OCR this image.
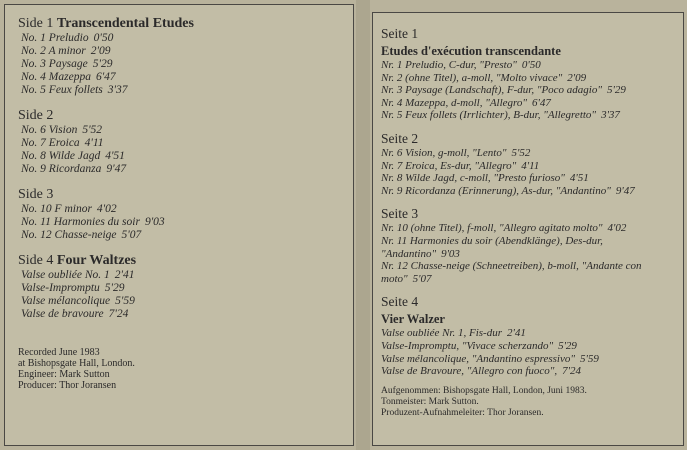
Side 1 Transcendental Etudes

No. 1 Preludio 0'50

No. 2 A minor 2'09

No. 3 Paysage 5'29

No. 4 Mazeppa 6'47

No. 5 Feux follets 3'37

Side 2

No. 6 Vision 5'52

No. 7 Eroica 4'11

No. 8 Wilde Jagd 4'51

No. 9 Ricordanza 9'47

Side 3

No. 10 F minor 4'02

No. 11 Harmonies du soir 9'03

No. 12 Chasse-neige 5'07

Side 4 Four Waltzes

Valse oubliée No. 1 2'41

Valse-Impromptu 5'29

Valse mélancolique 5'59

Valse de bravoure 7'24

Recorded June 1983
at Bishopsgate Hall, London.
Engineer: Mark Sutton
Producer: Thor Joransen

Seite 1

Etudes d'exécution transcendante

Nr. 1 Preludio, C-dur, "Presto" 0'50

Nr. 2 (ohne Titel), a-moll, "Molto vivace" 2'09

Nr. 3 Paysage (Landschaft), F-dur, "Poco adagio" 5'29

Nr. 4 Mazeppa, d-moll, "Allegro" 6'47

Nr. 5 Feux follets (Irrlichter), B-dur, "Allegretto" 3'37

Seite 2

Nr. 6 Vision, g-moll, "Lento" 5'52

Nr. 7 Eroica, Es-dur, "Allegro" 4'11

Nr. 8 Wilde Jagd, c-moll, "Presto furioso" 4'51

Nr. 9 Ricordanza (Erinnerung), As-dur, "Andantino" 9'47

Seite 3

Nr. 10 (ohne Titel), f-moll, "Allegro agitato molto" 4'02

Nr. 11 Harmonies du soir (Abendklänge), Des-dur,

"Andantino" 9'03

Nr. 12 Chasse-neige (Schneetreiben), b-moll, "Andante con

moto" 5'07

Seite 4

Vier Walzer

Valse oubliée Nr. 1, Fis-dur 2'41

Valse-Impromptu, "Vivace scherzando" 5'29

Valse mélancolique, "Andantino espressivo" 5'59

Valse de Bravoure, "Allegro con fuoco", 7'24

Aufgenommen: Bishopsgate Hall, London, Juni 1983.
Tonmeister: Mark Sutton.
Produzent-Aufnahmeleiter: Thor Joransen.
